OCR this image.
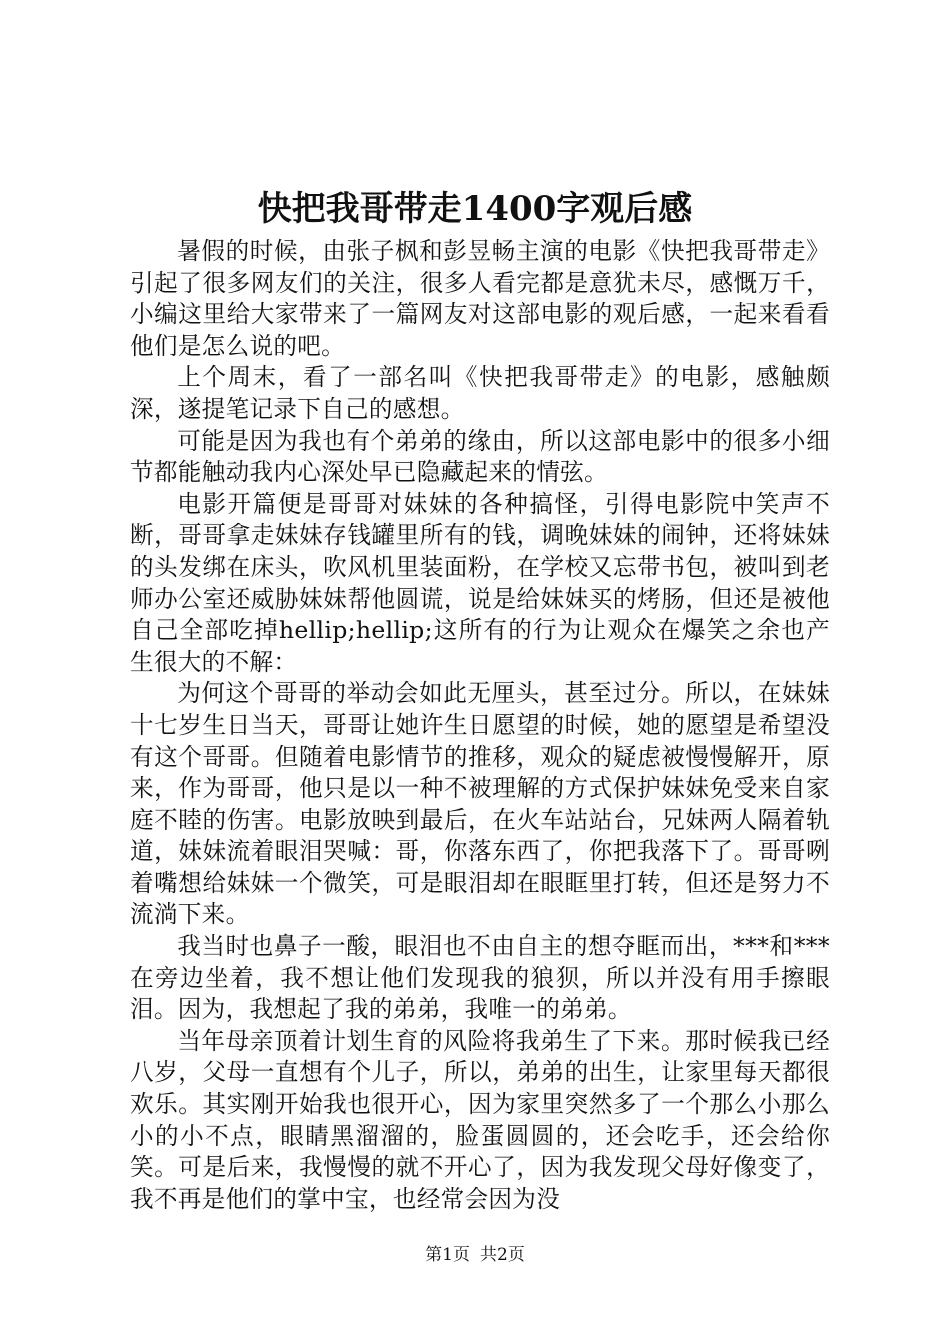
快把我哥带走1400字观后感

暑假的时候，由张子枫和彭昱畅主演的电影《快把我哥带走》引起了很多网友们的关注，很多人看完都是意犹未尽，感慨万千，小编这里给大家带来了一篇网友对这部电影的观后感，一起来看看他们是怎么说的吧。

上个周末，看了一部名叫《快把我哥带走》的电影，感触颇深，遂提笔记录下自己的感想。

可能是因为我也有个弟弟的缘由，所以这部电影中的很多小细节都能触动我内心深处早已隐藏起来的情弦。

电影开篇便是哥哥对妹妹的各种搞怪，引得电影院中笑声不断，哥哥拿走妹妹存钱罐里所有的钱，调晚妹妹的闹钟，还将妹妹的头发绑在床头，吹风机里装面粉，在学校又忘带书包，被叫到老师办公室还威胁妹妹帮他圆谎，说是给妹妹买的烤肠，但还是被他自己全部吃掉hellip;hellip;这所有的行为让观众在爆笑之余也产生很大的不解：

为何这个哥哥的举动会如此无厘头，甚至过分。所以，在妹妹十七岁生日当天，哥哥让她许生日愿望的时候，她的愿望是希望没有这个哥哥。但随着电影情节的推移，观众的疑虑被慢慢解开，原来，作为哥哥，他只是以一种不被理解的方式保护妹妹免受来自家庭不睦的伤害。电影放映到最后，在火车站站台，兄妹两人隔着轨道，妹妹流着眼泪哭喊：哥，你落东西了，你把我落下了。哥哥咧着嘴想给妹妹一个微笑，可是眼泪却在眼眶里打转，但还是努力不流淌下来。

我当时也鼻子一酸，眼泪也不由自主的想夺眶而出，***和***在旁边坐着，我不想让他们发现我的狼狈，所以并没有用手擦眼泪。因为，我想起了我的弟弟，我唯一的弟弟。

当年母亲顶着计划生育的风险将我弟生了下来。那时候我已经八岁，父母一直想有个儿子，所以，弟弟的出生，让家里每天都很欢乐。其实刚开始我也很开心，因为家里突然多了一个那么小那么小的小不点，眼睛黑溜溜的，脸蛋圆圆的，还会吃手，还会给你笑。可是后来，我慢慢的就不开心了，因为我发现父母好像变了，我不再是他们的掌中宝，也经常会因为没

第1页 共2页
